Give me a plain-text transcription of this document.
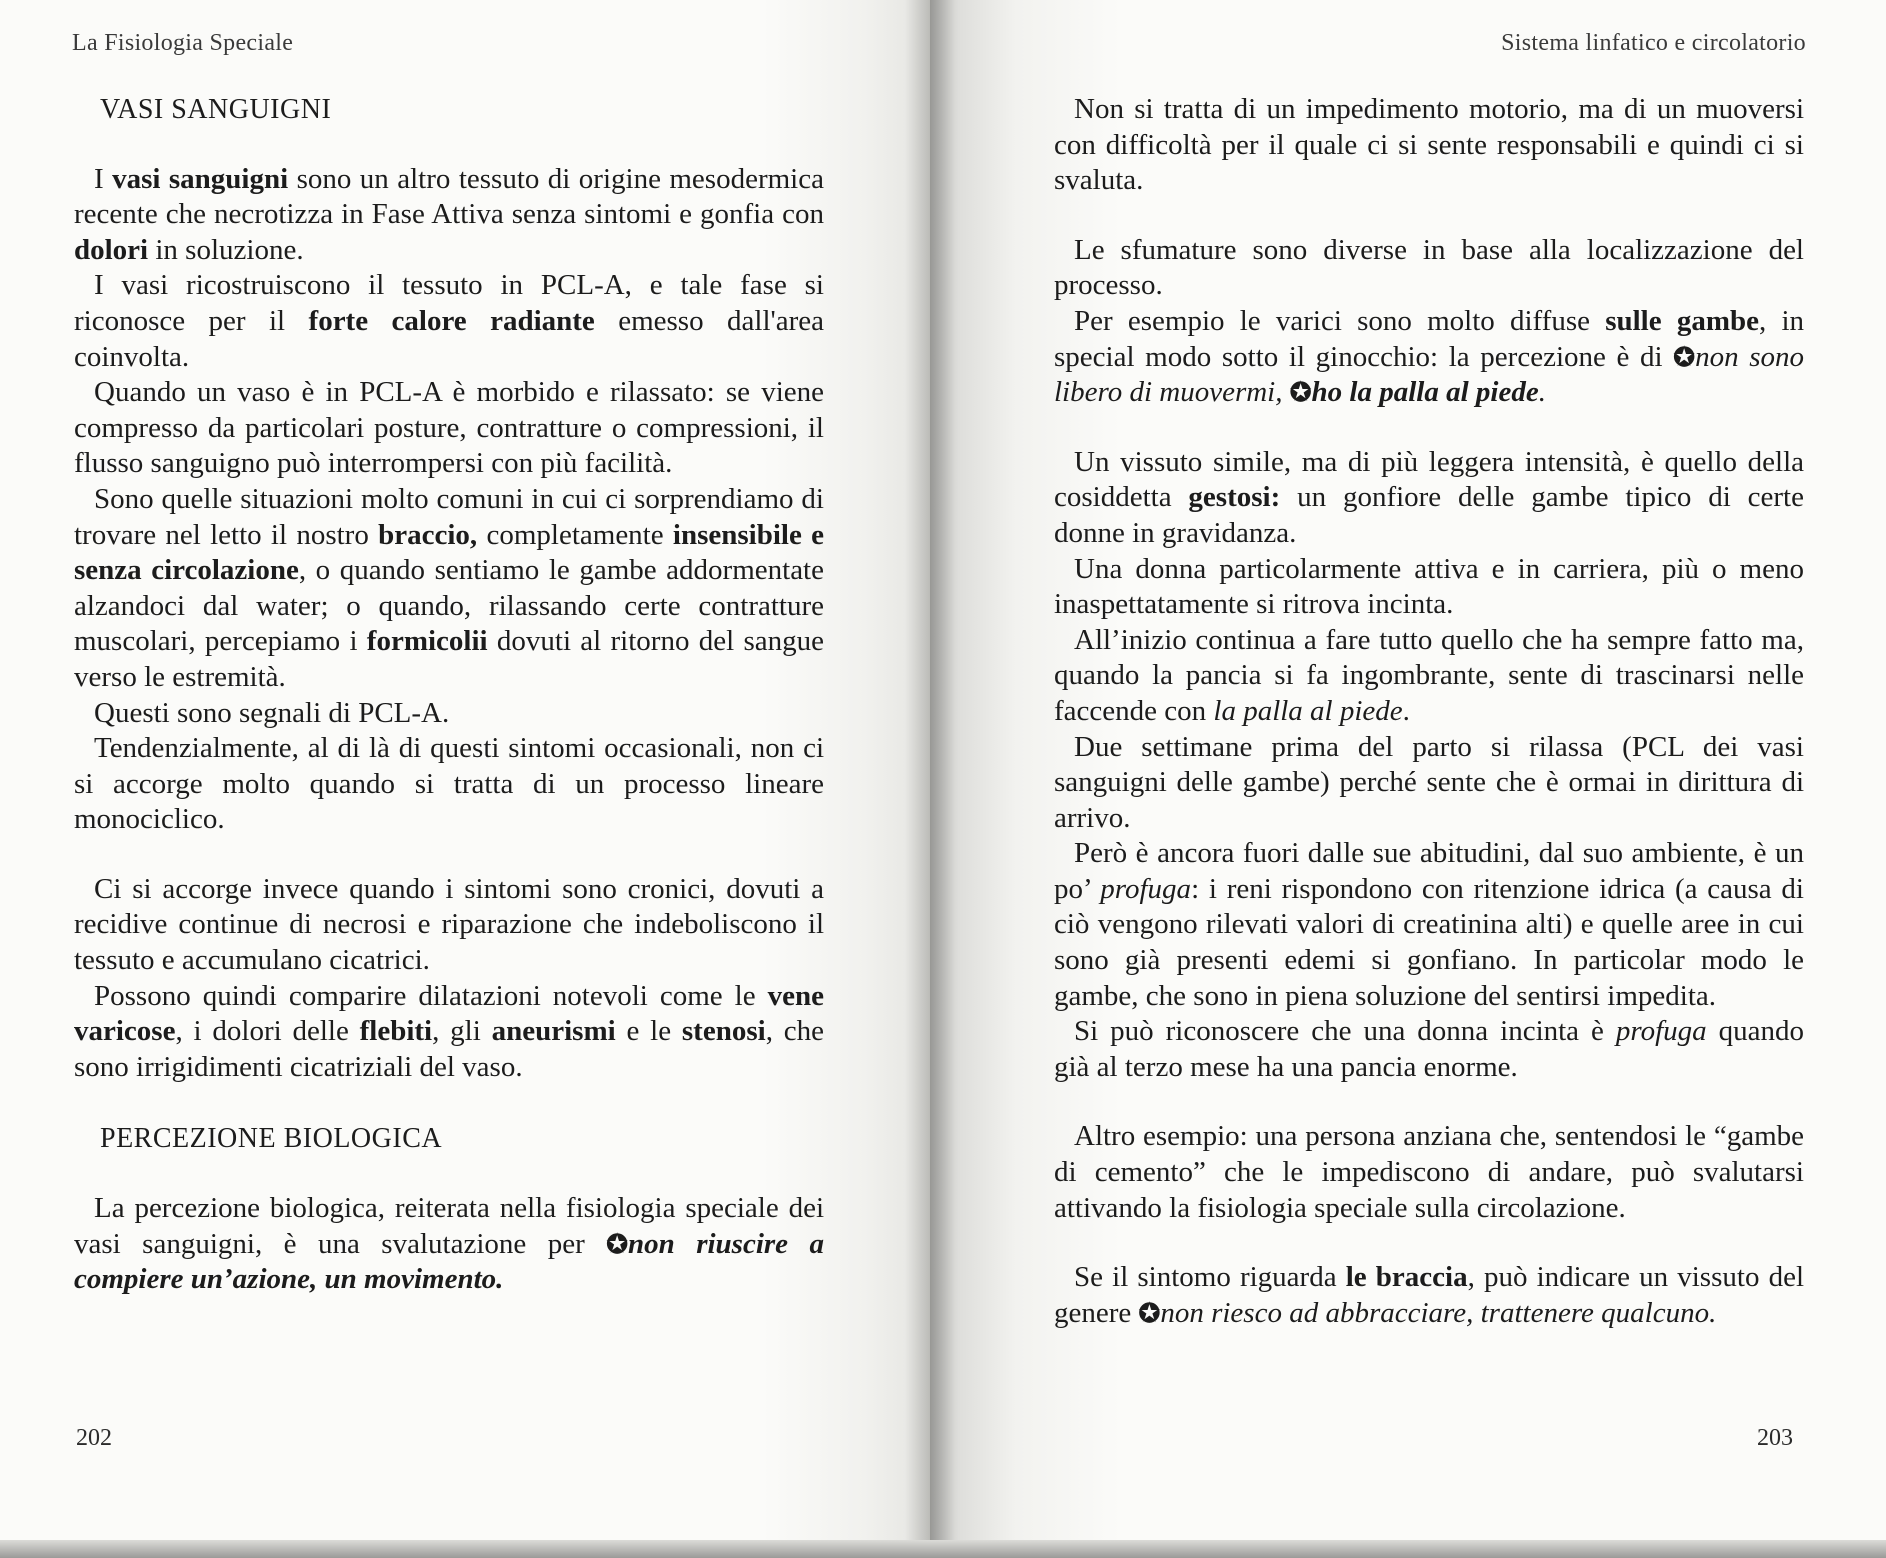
La Fisiologia Speciale
VASI SANGUIGNI

I vasi sanguigni sono un altro tessuto di origine mesodermica recente che necrotizza in Fase Attiva senza sintomi e gonfia con dolori in soluzione.

I vasi ricostruiscono il tessuto in PCL-A, e tale fase si riconosce per il forte calore radiante emesso dall'area coinvolta.

Quando un vaso è in PCL-A è morbido e rilassato: se viene compresso da particolari posture, contratture o compressioni, il flusso sanguigno può interrompersi con più facilità.

Sono quelle situazioni molto comuni in cui ci sorprendiamo di trovare nel letto il nostro braccio, completamente insensibile e senza circolazione, o quando sentiamo le gambe addormentate alzandoci dal water; o quando, rilassando certe contratture muscolari, percepiamo i formicolii dovuti al ritorno del sangue verso le estremità.

Questi sono segnali di PCL-A.

Tendenzialmente, al di là di questi sintomi occasionali, non ci si accorge molto quando si tratta di un processo lineare monociclico.

Ci si accorge invece quando i sintomi sono cronici, dovuti a recidive continue di necrosi e riparazione che indeboliscono il tessuto e accumulano cicatrici.

Possono quindi comparire dilatazioni notevoli come le vene varicose, i dolori delle flebiti, gli aneurismi e le stenosi, che sono irrigidimenti cicatriziali del vaso.

PERCEZIONE BIOLOGICA

La percezione biologica, reiterata nella fisiologia speciale dei vasi sanguigni, è una svalutazione per ✪non riuscire a compiere un’azione, un movimento.

202
Sistema linfatico e circolatorio

Non si tratta di un impedimento motorio, ma di un muoversi con difficoltà per il quale ci si sente responsabili e quindi ci si svaluta.

Le sfumature sono diverse in base alla localizzazione del processo.

Per esempio le varici sono molto diffuse sulle gambe, in special modo sotto il ginocchio: la percezione è di ✪non sono libero di muovermi, ✪ho la palla al piede.

Un vissuto simile, ma di più leggera intensità, è quello della cosiddetta gestosi: un gonfiore delle gambe tipico di certe donne in gravidanza.

Una donna particolarmente attiva e in carriera, più o meno inaspettatamente si ritrova incinta.

All’inizio continua a fare tutto quello che ha sempre fatto ma, quando la pancia si fa ingombrante, sente di trascinarsi nelle faccende con la palla al piede.

Due settimane prima del parto si rilassa (PCL dei vasi sanguigni delle gambe) perché sente che è ormai in dirittura di arrivo.

Però è ancora fuori dalle sue abitudini, dal suo ambiente, è un po’ profuga: i reni rispondono con ritenzione idrica (a causa di ciò vengono rilevati valori di creatinina alti) e quelle aree in cui sono già presenti edemi si gonfiano. In particolar modo le gambe, che sono in piena soluzione del sentirsi impedita.

Si può riconoscere che una donna incinta è profuga quando già al terzo mese ha una pancia enorme.

Altro esempio: una persona anziana che, sentendosi le “gambe di cemento” che le impediscono di andare, può svalutarsi attivando la fisiologia speciale sulla circolazione.

Se il sintomo riguarda le braccia, può indicare un vissuto del genere ✪non riesco ad abbracciare, trattenere qualcuno.

203
